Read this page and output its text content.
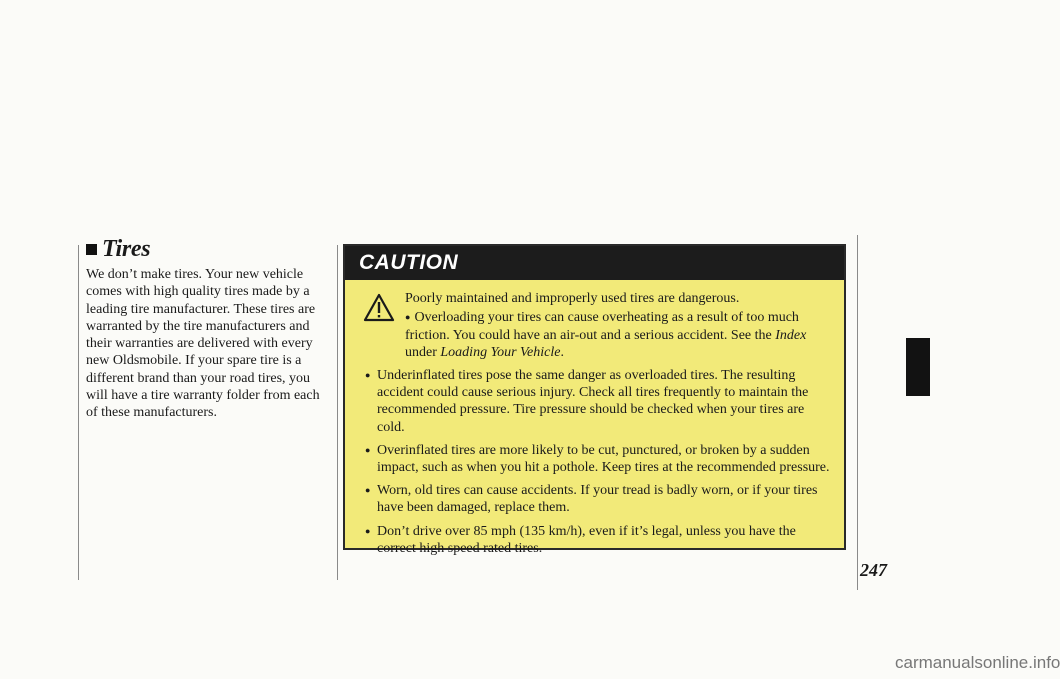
Tires

We don’t make tires. Your new vehicle comes with high quality tires made by a leading tire manufacturer. These tires are warranted by the tire manufacturers and their warranties are delivered with every new Oldsmobile. If your spare tire is a different brand than your road tires, you will have a tire warranty folder from each of these manufacturers.

CAUTION

Poorly maintained and improperly used tires are dangerous.

● Overloading your tires can cause overheating as a result of too much friction. You could have an air-out and a serious accident. See the Index under Loading Your Vehicle.

● Underinflated tires pose the same danger as overloaded tires. The resulting accident could cause serious injury. Check all tires frequently to maintain the recommended pressure. Tire pressure should be checked when your tires are cold.
● Overinflated tires are more likely to be cut, punctured, or broken by a sudden impact, such as when you hit a pothole. Keep tires at the recommended pressure.
● Worn, old tires can cause accidents. If your tread is badly worn, or if your tires have been damaged, replace them.
● Don’t drive over 85 mph (135 km/h), even if it’s legal, unless you have the correct high speed rated tires.
247
carmanualsonline.info
